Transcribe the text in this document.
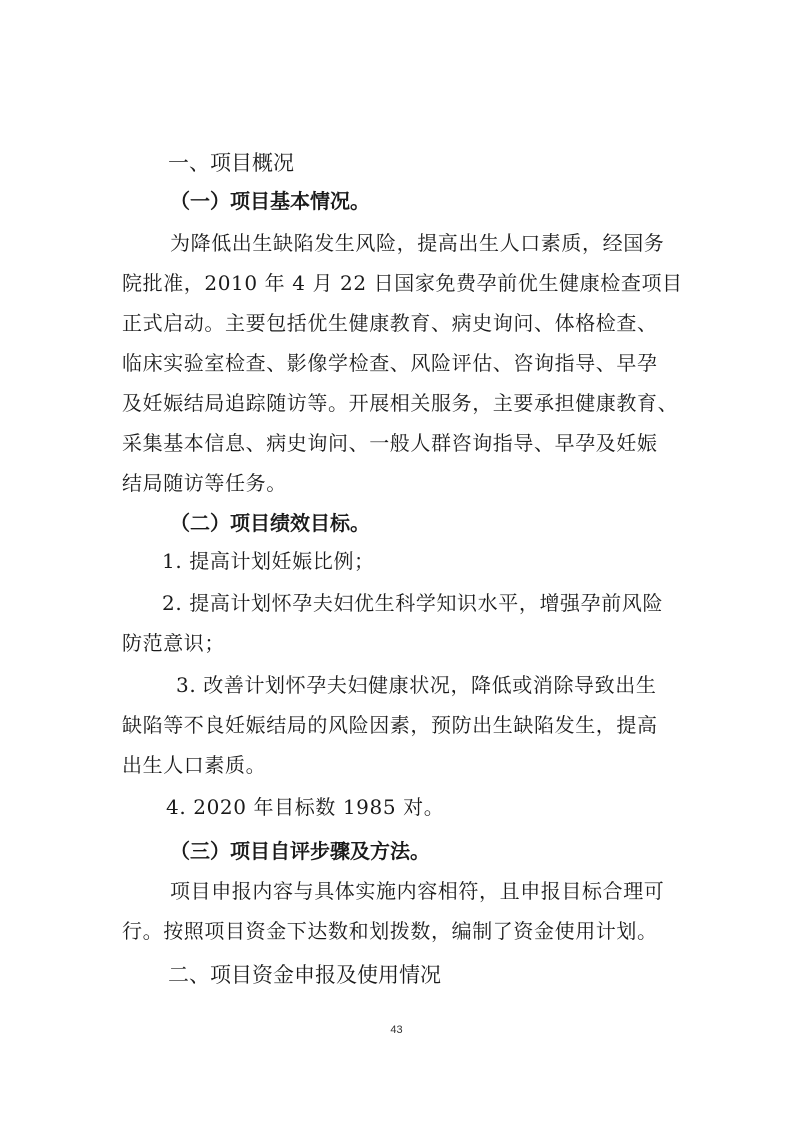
一、项目概况

（一）项目基本情况。

为降低出生缺陷发生风险，提高出生人口素质，经国务

院批准，2010 年 4 月 22 日国家免费孕前优生健康检查项目

正式启动。主要包括优生健康教育、病史询问、体格检查、

临床实验室检查、影像学检查、风险评估、咨询指导、早孕

及妊娠结局追踪随访等。开展相关服务，主要承担健康教育、

采集基本信息、病史询问、一般人群咨询指导、早孕及妊娠

结局随访等任务。

（二）项目绩效目标。

1. 提高计划妊娠比例；

2. 提高计划怀孕夫妇优生科学知识水平，增强孕前风险

防范意识；

3. 改善计划怀孕夫妇健康状况，降低或消除导致出生

缺陷等不良妊娠结局的风险因素，预防出生缺陷发生，提高

出生人口素质。

4. 2020 年目标数 1985 对。

（三）项目自评步骤及方法。

项目申报内容与具体实施内容相符，且申报目标合理可

行。按照项目资金下达数和划拨数，编制了资金使用计划。

二、项目资金申报及使用情况

43
